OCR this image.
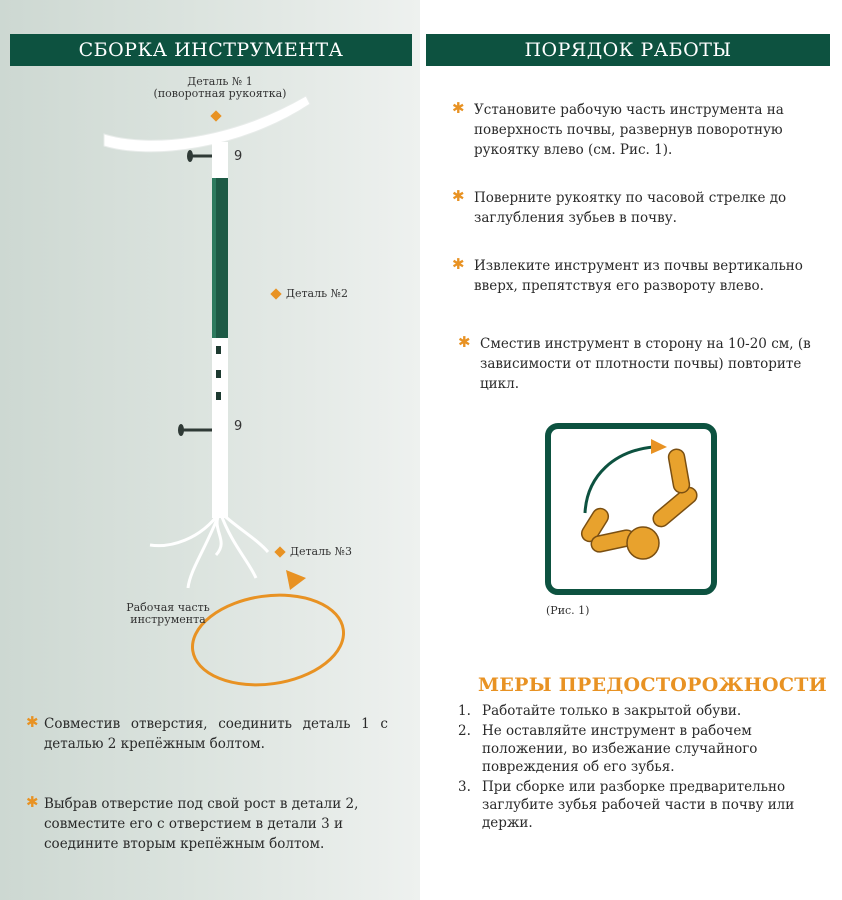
СБОРКА ИНСТРУМЕНТА	ПОРЯДОК РАБОТЫ
9
9
Деталь № 1
(поворотная рукоятка)
Деталь №2
Деталь №3
Рабочая часть
инструмента
✱ Совместив отверстия, соединить деталь 1 с деталью 2 крепёжным болтом.
✱ Выбрав отверстие под свой рост в детали 2, совместите его с отверстием в детали 3 и соедините вторым крепёжным болтом.
✱ Установите рабочую часть инструмента на поверхность почвы, развернув поворотную рукоятку влево (см. Рис. 1).
✱ Поверните рукоятку по часовой стрелке до заглубления зубьев в почву.
✱ Извлеките инструмент из почвы вертикально вверх, препятствуя его развороту влево.
✱ Сместив инструмент в сторону на 10-20 см, (в зависимости от плотности почвы) повторите цикл.
(Рис. 1)
МЕРЫ ПРЕДОСТОРОЖНОСТИ
1. Работайте только в закрытой обуви.
2. Не оставляйте инструмент в рабочем положении, во избежание случайного повреждения об его зубья.
3. При сборке или разборке предварительно заглубите зубья рабочей части в почву или держи.
